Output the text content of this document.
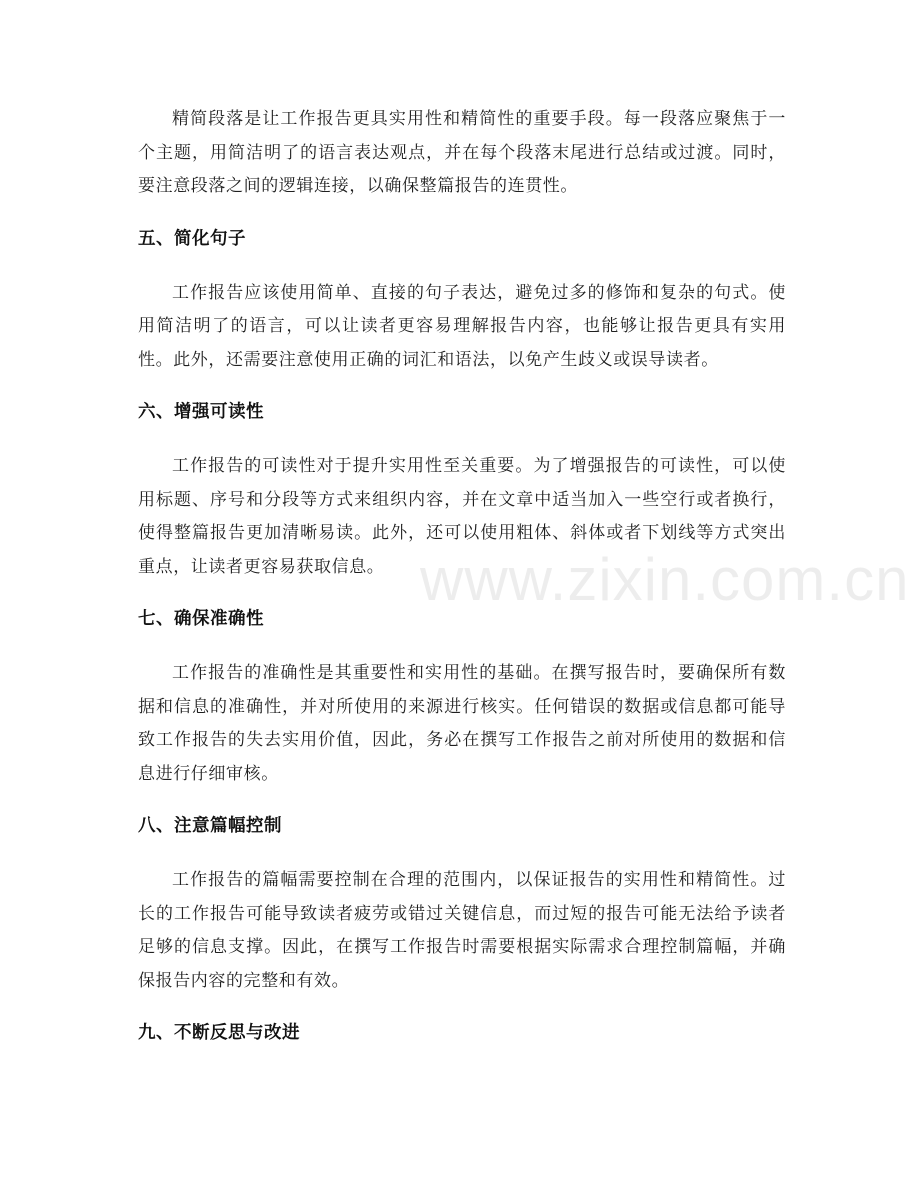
精简段落是让工作报告更具实用性和精简性的重要手段。每一段落应聚焦于一个主题，用简洁明了的语言表达观点，并在每个段落末尾进行总结或过渡。同时，要注意段落之间的逻辑连接，以确保整篇报告的连贯性。

五、简化句子

工作报告应该使用简单、直接的句子表达，避免过多的修饰和复杂的句式。使用简洁明了的语言，可以让读者更容易理解报告内容，也能够让报告更具有实用性。此外，还需要注意使用正确的词汇和语法，以免产生歧义或误导读者。

六、增强可读性

工作报告的可读性对于提升实用性至关重要。为了增强报告的可读性，可以使用标题、序号和分段等方式来组织内容，并在文章中适当加入一些空行或者换行，使得整篇报告更加清晰易读。此外，还可以使用粗体、斜体或者下划线等方式突出重点，让读者更容易获取信息。

七、确保准确性

工作报告的准确性是其重要性和实用性的基础。在撰写报告时，要确保所有数据和信息的准确性，并对所使用的来源进行核实。任何错误的数据或信息都可能导致工作报告的失去实用价值，因此，务必在撰写工作报告之前对所使用的数据和信息进行仔细审核。

八、注意篇幅控制

工作报告的篇幅需要控制在合理的范围内，以保证报告的实用性和精简性。过长的工作报告可能导致读者疲劳或错过关键信息，而过短的报告可能无法给予读者足够的信息支撑。因此，在撰写工作报告时需要根据实际需求合理控制篇幅，并确保报告内容的完整和有效。

九、不断反思与改进
www.zixin.com.cn
